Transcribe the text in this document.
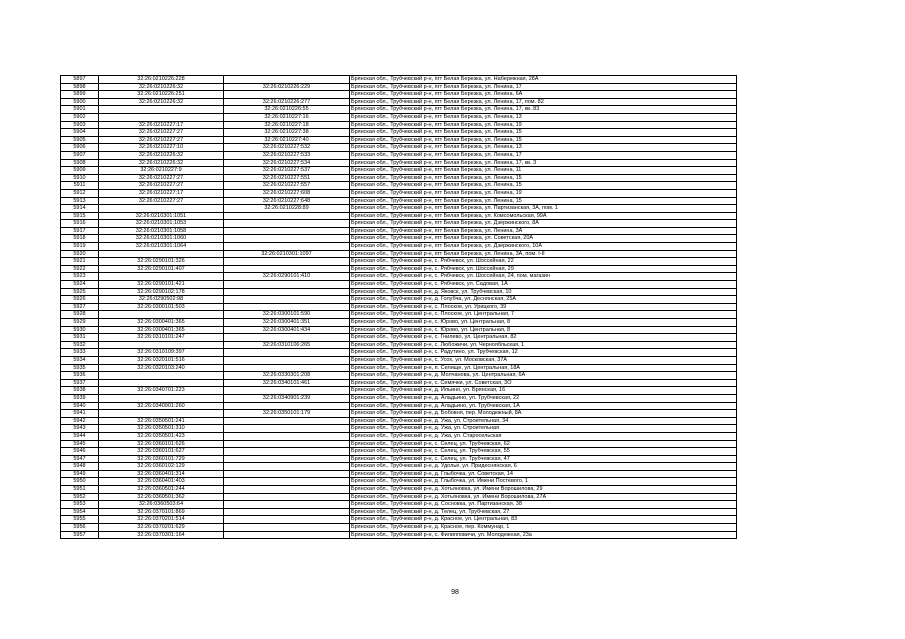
5897	32:26:0210226:228		Брянская обл., Трубчевский р-н, пгт Белая Березка, ул. Набережная, 28А
5898	32:26:0210226:32	32:26:0210226:229	Брянская обл., Трубчевский р-н, пгт Белая Березка, ул. Ленина, 17
5899	32:26:0210226:251		Брянская обл., Трубчевский р-н, пгт Белая Березка, ул. Ленина, 6А
5900	32:26:0210226:32	32:26:0210226:277	Брянская обл., Трубчевский р-н, пгт Белая Березка, ул. Ленина, 17, пом. 82
5901		32:26:0210226:55	Брянская обл., Трубчевский р-н, пгт Белая Березка, ул. Ленина, 17, кв. 83
5902		32:26:0210227:16	Брянская обл., Трубчевский р-н, пгт Белая Березка, ул. Ленина, 13
5903	32:26:0210227:17	32:26:0210227:18	Брянская обл., Трубчевский р-н, пгт Белая Березка, ул. Ленина, 19
5904	32:26:0210227:27	32:26:0210227:38	Брянская обл., Трубчевский р-н, пгт Белая Березка, ул. Ленина, 15
5905	32:26:0210227:27	32:26:0210227:40	Брянская обл., Трубчевский р-н, пгт Белая Березка, ул. Ленина, 15
5906	32:26:0210227:10	32:26:0210227:532	Брянская обл., Трубчевский р-н, пгт Белая Березка, ул. Ленина, 13
5907	32:26:0210226:32	32:26:0210227:533	Брянская обл., Трубчевский р-н, пгт Белая Березка, ул. Ленина, 17
5908	32:26:0210226:32	32:26:0210227:534	Брянская обл., Трубчевский р-н, пгт Белая Березка, ул. Ленина, 17, кв. 3
5909	32:26:0210227:9	32:26:0210227:537	Брянская обл., Трубчевский р-н, пгт Белая Березка, ул. Ленина, 11
5910	32:26:0210227:27	32:26:0210227:551	Брянская обл., Трубчевский р-н, пгт Белая Березка, ул. Ленина, 15
5911	32:26:0210227:27	32:26:0210227:557	Брянская обл., Трубчевский р-н, пгт Белая Березка, ул. Ленина, 15
5912	32:26:0210227:17	32:26:0210227:608	Брянская обл., Трубчевский р-н, пгт Белая Березка, ул. Ленина, 19
5913	32:26:0210227:27	32:26:0210227:648	Брянская обл., Трубчевский р-н, пгт Белая Березка, ул. Ленина, 15
5914		32:26:0210228:89	Брянская обл., Трубчевский р-н, пгт Белая Березка, ул. Партизанская, 3А, пом. 1
5915	32:26:0210301:1051		Брянская обл., Трубчевский р-н, пгт Белая Березка, ул. Комсомольская, 99А
5916	32:26:0210301:1053		Брянская обл., Трубчевский р-н, пгт Белая Березка, ул. Дзержинского, 8А
5917	32:26:0210301:1058		Брянская обл., Трубчевский р-н, пгт Белая Березка, ул. Ленина, 3А
5918	32:26:0210301:1060		Брянская обл., Трубчевский р-н, пгт Белая Березка, ул. Советская, 20А
5919	32:26:0210301:1064		Брянская обл., Трубчевский р-н, пгт Белая Березка, ул. Дзержинского, 10А
5920		32:26:0210301:1097	Брянская обл., Трубчевский р-н, пгт Белая Березка, ул. Ленина, 3А, пом. I-II
5921	32:26:0290101:326		Брянская обл., Трубчевский р-н, с. Рябчевск, ул. Шоссейная, 22
5922	32:26:0290101:407		Брянская обл., Трубчевский р-н, с. Рябчевск, ул. Шоссейная, 29
5923		32:26:0290101:410	Брянская обл., Трубчевский р-н, с. Рябчевск, ул. Шоссейная, 24, пом. магазин
5924	32:26:0290101:421		Брянская обл., Трубчевский р-н, с. Рябчевск, ул. Садовая, 1А
5925	32:26:0290102:178		Брянская обл., Трубчевский р-н, д. Яковск, ул. Трубчевская, 10
5926	32:26:0290502:98		Брянская обл., Трубчевский р-н, д. Голубча, ул. Деснянская, 25А
5927	32:26:0300101:503		Брянская обл., Трубчевский р-н, с. Плоское, ул. Урицкого, 39
5928		32:26:0300101:590	Брянская обл., Трубчевский р-н, с. Плоское, ул. Центральная, 7
5929	32:26:0300401:365	32:26:0300401:351	Брянская обл., Трубчевский р-н, с. Юрово, ул. Центральная, 8
5930	32:26:0300401:365	32:26:0300401:434	Брянская обл., Трубчевский р-н, с. Юрово, ул. Центральная, 8
5931	32:26:0310101:247		Брянская обл., Трубчевский р-н, с. Гнилево, ул. Центральная, 82
5932		32:26:0310106:265	Брянская обл., Трубчевский р-н, с. Любожичи, ул. Черноябльская, 1
5933	32:26:0310109:397		Брянская обл., Трубчевский р-н, с. Радутино, ул. Трубчевская, 12
5934	32:26:0320101:516		Брянская обл., Трубчевский р-н, с. Усох, ул. Московская, 37А
5935	32:26:0320103:240		Брянская обл., Трубчевский р-н, п. Селище, ул. Центральная, 18А
5936		32:26:0330301:208	Брянская обл., Трубчевский р-н, д. Молчанова, ул. Центральная, 6А
5937		32:26:0340101:461	Брянская обл., Трубчевский р-н, с. Семячки, ул. Советская, 3О
5938	32:26:0340701:223		Брянская обл., Трубчевский р-н, д. Ильино, ул. Брянская, 16
5939		32:26:0340901:239	Брянская обл., Трубчевский р-н, д. Аладьино, ул. Трубчевская, 22
5940	32:26:0340901:260		Брянская обл., Трубчевский р-н, д. Аладьино, ул. Трубчевская, 1А
5941		32:26:0350101:179	Брянская обл., Трубчевский р-н, д. Бобовня, пер. Молодежный, 8А
5942	32:26:0350501:241		Брянская обл., Трубчевский р-н, д. Ужа, ул. Строительная, 34
5943	32:26:0350501:310		Брянская обл., Трубчевский р-н, д. Ужа, ул. Строительная
5944	32:26:0350501:423		Брянская обл., Трубчевский р-н, д. Ужа, ул. Старосельская
5945	32:26:0360101:626		Брянская обл., Трубчевский р-н, с. Селец, ул. Трубчевская, 62
5946	32:26:0360101:627		Брянская обл., Трубчевский р-н, с. Селец, ул. Трубчевская, 55
5947	32:26:0360101:729		Брянская обл., Трубчевский р-н, с. Селец, ул. Трубчевская, 47
5948	32:26:0360102:129		Брянская обл., Трубчевский р-н, д. Удолье, ул. Придеснянская, 6
5949	32:26:0360401:314		Брянская обл., Трубчевский р-н, д. Глыбочка, ул. Советская, 14
5950	32:26:0360401:403		Брянская обл., Трубчевский р-н, д. Глыбочка, ул. Имени Постевого, 1
5951	32:26:0360501:244		Брянская обл., Трубчевский р-н, д. Хотьяновка, ул. Имени Ворошилова, 29
5952	32:26:0360501:362		Брянская обл., Трубчевский р-н, д. Хотьяновка, ул. Имени Ворошилова, 27А
5953	32:26:0360503:64		Брянская обл., Трубчевский р-н, д. Сосновка, ул. Партизанская, 38
5954	32:26:0370101:869		Брянская обл., Трубчевский р-н, д. Телец, ул. Трубчевская, 27
5955	32:26:0370201:514		Брянская обл., Трубчевский р-н, д. Красное, ул. Центральная, 83
5956	32:26:0370201:629		Брянская обл., Трубчевский р-н, д. Красное, пер. Коммунар, 1
5957	32:26:0370301:164		Брянская обл., Трубчевский р-н, с. Филипповичи, ул. Молодежная, 23а
98
